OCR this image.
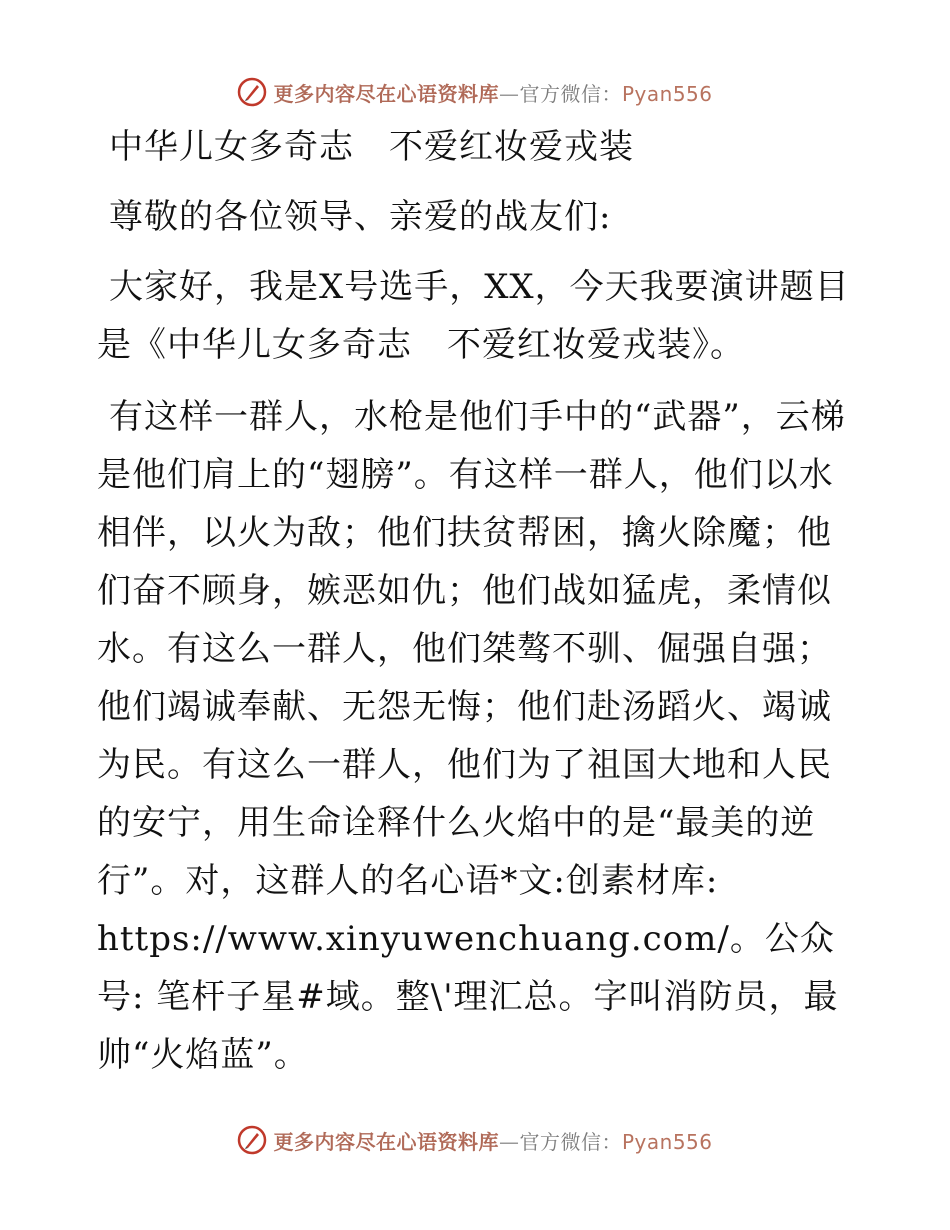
更多内容尽在心语资料库—官方微信：Pyan556

中华儿女多奇志　不爱红妆爱戎装

尊敬的各位领导、亲爱的战友们:

大家好，我是X号选手，XX，今天我要演讲题目是《中华儿女多奇志　不爱红妆爱戎装》。

有这样一群人，水枪是他们手中的“武器”，云梯是他们肩上的“翅膀”。有这样一群人，他们以水相伴，以火为敌；他们扶贫帮困，擒火除魔；他们奋不顾身，嫉恶如仇；他们战如猛虎，柔情似水。有这么一群人，他们桀骜不驯、倔强自强；他们竭诚奉献、无怨无悔；他们赴汤蹈火、竭诚为民。有这么一群人，他们为了祖国大地和人民的安宁，用生命诠释什么火焰中的是“最美的逆行”。对，这群人的名心语*文:创素材库: https://www.xinyuwenchuang.com/。公众号: 笔杆子星#域。整\'理汇总。字叫消防员，最帅“火焰蓝”。

更多内容尽在心语资料库—官方微信：Pyan556
